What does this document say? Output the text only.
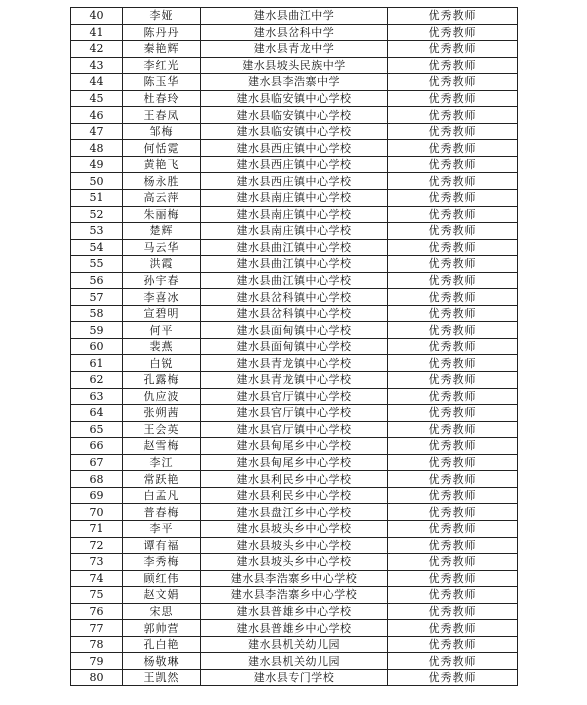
40	李娅	建水县曲江中学	优秀教师
41	陈丹丹	建水县岔科中学	优秀教师
42	秦艳辉	建水县青龙中学	优秀教师
43	李红光	建水县坡头民族中学	优秀教师
44	陈玉华	建水县李浩寨中学	优秀教师
45	杜春玲	建水县临安镇中心学校	优秀教师
46	王春凤	建水县临安镇中心学校	优秀教师
47	邹梅	建水县临安镇中心学校	优秀教师
48	何恬霓	建水县西庄镇中心学校	优秀教师
49	黄艳飞	建水县西庄镇中心学校	优秀教师
50	杨永胜	建水县西庄镇中心学校	优秀教师
51	高云萍	建水县南庄镇中心学校	优秀教师
52	朱丽梅	建水县南庄镇中心学校	优秀教师
53	楚辉	建水县南庄镇中心学校	优秀教师
54	马云华	建水县曲江镇中心学校	优秀教师
55	洪霞	建水县曲江镇中心学校	优秀教师
56	孙宇春	建水县曲江镇中心学校	优秀教师
57	李喜冰	建水县岔科镇中心学校	优秀教师
58	宣碧明	建水县岔科镇中心学校	优秀教师
59	何平	建水县面甸镇中心学校	优秀教师
60	裴燕	建水县面甸镇中心学校	优秀教师
61	白锐	建水县青龙镇中心学校	优秀教师
62	孔露梅	建水县青龙镇中心学校	优秀教师
63	仇应波	建水县官厅镇中心学校	优秀教师
64	张朔茜	建水县官厅镇中心学校	优秀教师
65	王会英	建水县官厅镇中心学校	优秀教师
66	赵雪梅	建水县甸尾乡中心学校	优秀教师
67	李江	建水县甸尾乡中心学校	优秀教师
68	常跃艳	建水县利民乡中心学校	优秀教师
69	白孟凡	建水县利民乡中心学校	优秀教师
70	普春梅	建水县盘江乡中心学校	优秀教师
71	李平	建水县坡头乡中心学校	优秀教师
72	谭有福	建水县坡头乡中心学校	优秀教师
73	李秀梅	建水县坡头乡中心学校	优秀教师
74	顾红伟	建水县李浩寨乡中心学校	优秀教师
75	赵文娟	建水县李浩寨乡中心学校	优秀教师
76	宋思	建水县普雄乡中心学校	优秀教师
77	郭帅营	建水县普雄乡中心学校	优秀教师
78	孔白艳	建水县机关幼儿园	优秀教师
79	杨敬琳	建水县机关幼儿园	优秀教师
80	王凯然	建水县专门学校	优秀教师
